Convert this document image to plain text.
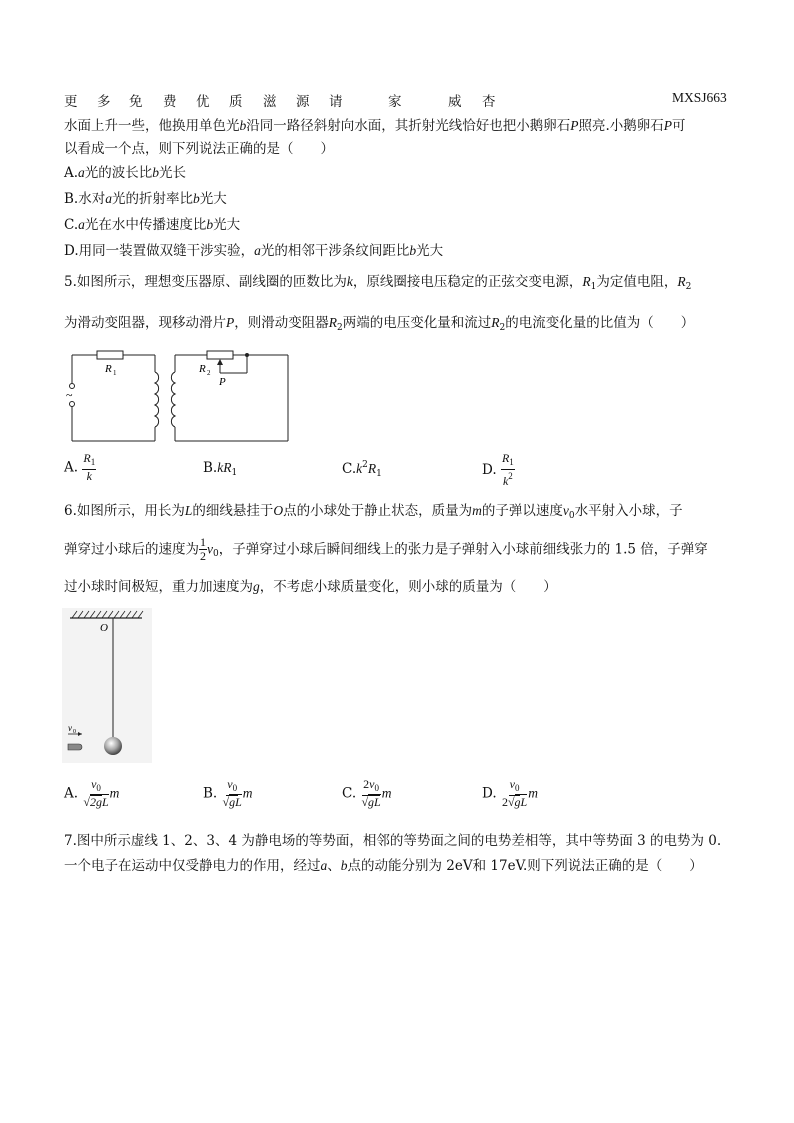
更 多 免 费 优 质 滋 源 请	家	威 杏	MXSJ663
水面上升一些，他换用单色光b沿同一路径斜射向水面，其折射光线恰好也把小鹅卵石P照亮.小鹅卵石P可
以看成一个点，则下列说法正确的是（　　）
A.a光的波长比b光长
B.水对a光的折射率比b光大
C.a光在水中传播速度比b光大
D.用同一装置做双缝干涉实验，a光的相邻干涉条纹间距比b光大
5.如图所示，理想变压器原、副线圈的匝数比为k，原线圈接电压稳定的正弦交变电源，$R_1$为定值电阻，$R_2$
为滑动变阻器，现移动滑片P，则滑动变阻器$R_2$两端的电压变化量和流过$R_2$的电流变化量的比值为（　　）
~
R 1	R 2
P
A. $\frac{R_1}{k}$	$B.kR_1$	$C.k^2R_1$	D. $\frac{R_1}{k^2}$
6.如图所示，用长为L的细线悬挂于O点的小球处于静止状态，质量为m的子弹以速度$v_0$水平射入小球，子
弹穿过小球后的速度为 $\frac{1}{2} v_0$，子弹穿过小球后瞬间细线上的张力是子弹射入小球前细线张力的 1.5 倍，子弹穿
过小球时间极短，重力加速度为g，不考虑小球质量变化，则小球的质量为（　　）
O
v 0
A. $\frac{v_0}{√2gL}$ m	B. $\frac{v_0}{√gL}$ m	C. $\frac{2v_0}{√gL}$ m	D. $\frac{v_0}{2√gL}$ m
7.图中所示虚线 1、2、3、4 为静电场的等势面，相邻的等势面之间的电势差相等，其中等势面 3 的电势为 0.
一个电子在运动中仅受静电力的作用，经过a、b点的动能分别为 2eV和 17eV.则下列说法正确的是（　　）
